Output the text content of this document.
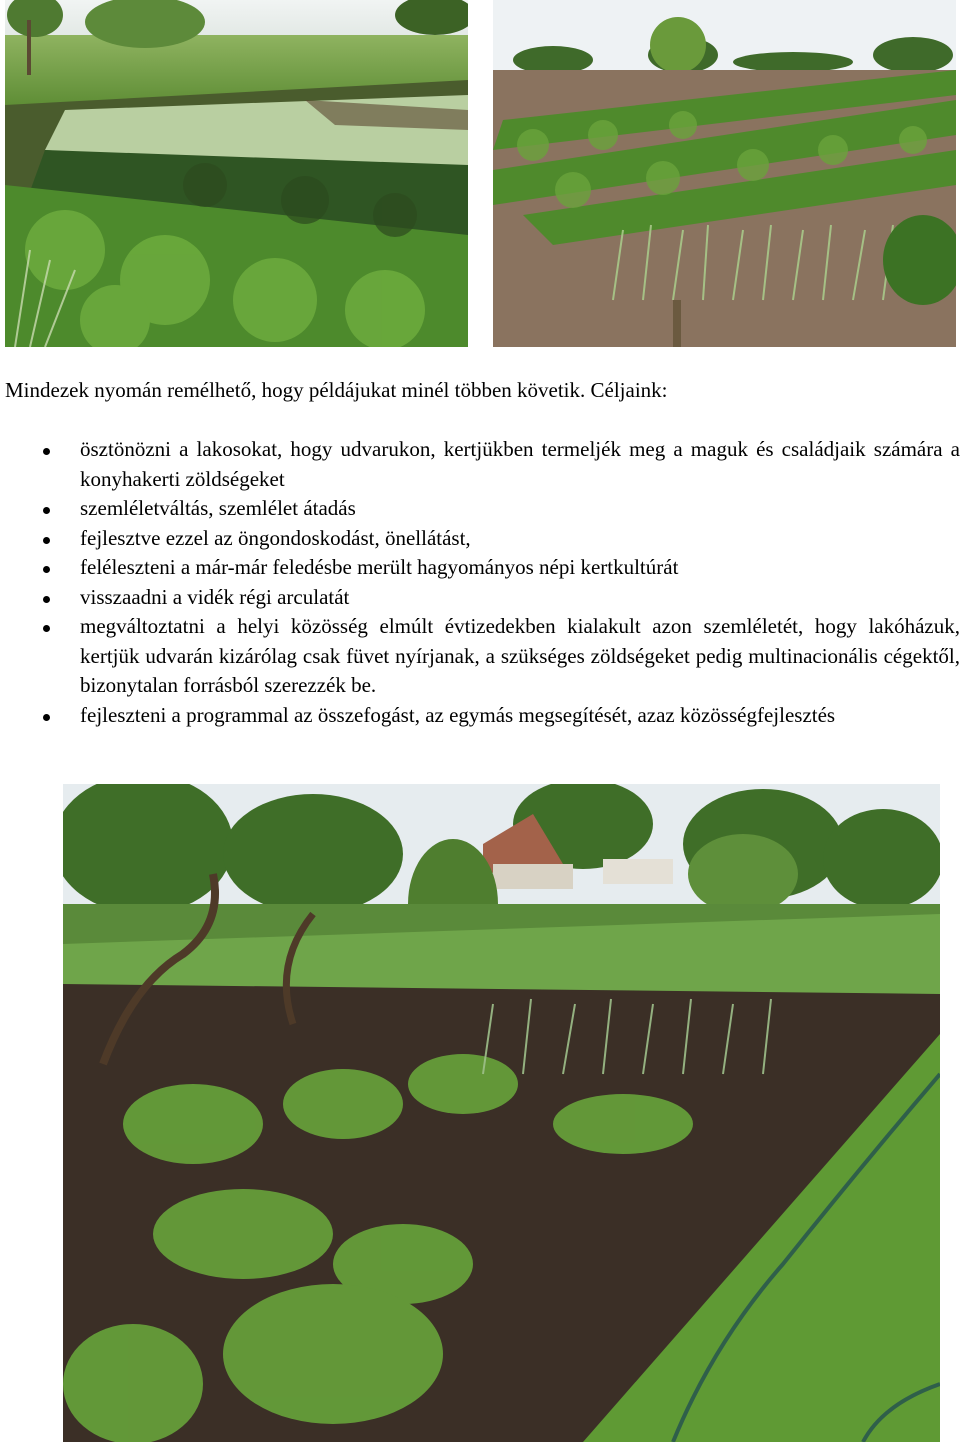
Mindezek nyomán remélhető, hogy példájukat minél többen követik. Céljaink:

ösztönözni a lakosokat, hogy udvarukon, kertjükben termeljék meg a maguk és családjaik számára a konyhakerti zöldségeket
szemléletváltás, szemlélet átadás
fejlesztve ezzel az öngondoskodást, önellátást,
feléleszteni a már-már feledésbe merült hagyományos népi kertkultúrát
visszaadni a vidék régi arculatát
megváltoztatni a helyi közösség elmúlt évtizedekben kialakult azon szemléletét, hogy lakóházuk, kertjük udvarán kizárólag csak füvet nyírjanak, a szükséges zöldségeket pedig multinacionális cégektől, bizonytalan forrásból szerezzék be.
fejleszteni a programmal az összefogást, az egymás megsegítését, azaz közösségfejlesztés
